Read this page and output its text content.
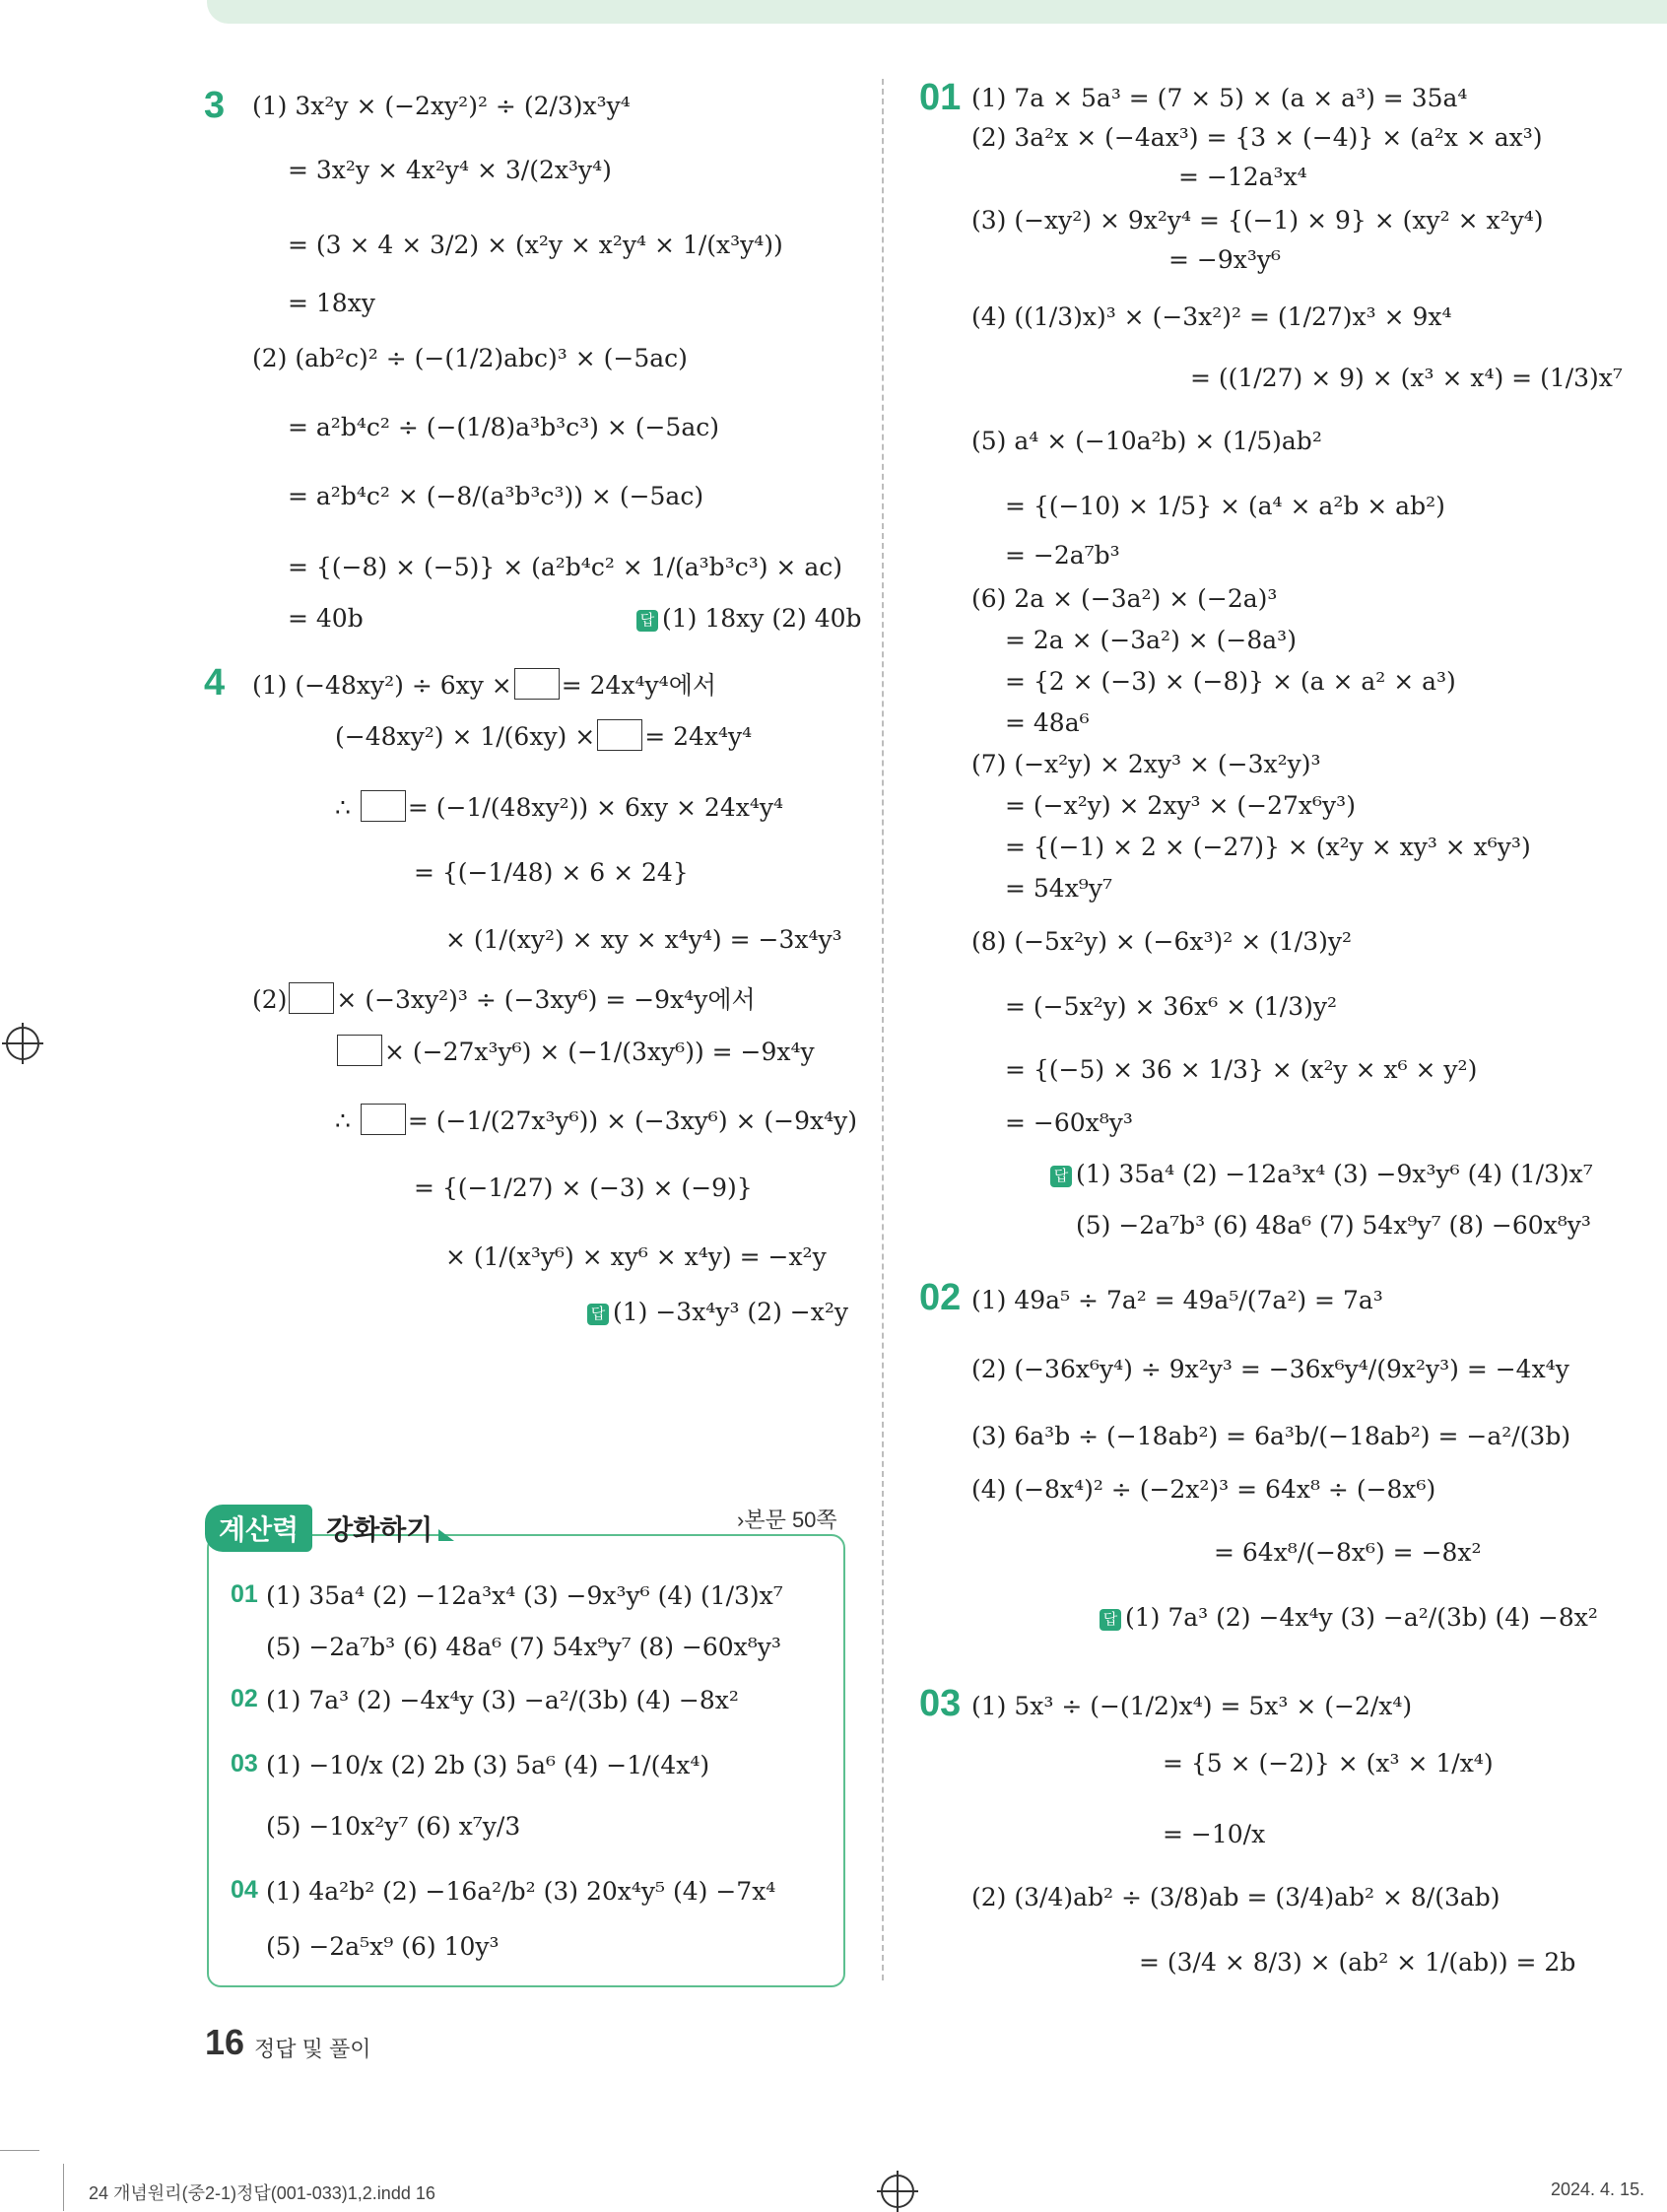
3 (1) 3x²y × (−2xy²)² ÷ (2/3)x³y⁴
= 3x²y × 4x²y⁴ × 3/(2x³y⁴)
= (3 × 4 × 3/2) × (x²y × x²y⁴ × 1/(x³y⁴))
= 18xy
(2) (ab²c)² ÷ (−(1/2)abc)³ × (−5ac)
= a²b⁴c² ÷ (−(1/8)a³b³c³) × (−5ac)
= a²b⁴c² × (−8/(a³b³c³)) × (−5ac)
= {(−8) × (−5)} × (a²b⁴c² × 1/(a³b³c³) × ac)
= 40b	답 (1) 18xy (2) 40b
4 (1) (−48xy²) ÷ 6xy × = 24x⁴y⁴에서
(−48xy²) × 1/(6xy) × = 24x⁴y⁴
∴ = (−1/(48xy²)) × 6xy × 24x⁴y⁴
= {(−1/48) × 6 × 24}
× (1/(xy²) × xy × x⁴y⁴) = −3x⁴y³
(2) × (−3xy²)³ ÷ (−3xy⁶) = −9x⁴y에서
× (−27x³y⁶) × (−1/(3xy⁶)) = −9x⁴y
∴ = (−1/(27x³y⁶)) × (−3xy⁶) × (−9x⁴y)
= {(−1/27) × (−3) × (−9)}
× (1/(x³y⁶) × xy⁶ × x⁴y) = −x²y
답 (1) −3x⁴y³ (2) −x²y
계산력	강화하기	›본문 50쪽
01 (1) 35a⁴ (2) −12a³x⁴ (3) −9x³y⁶ (4) (1/3)x⁷
(5) −2a⁷b³ (6) 48a⁶ (7) 54x⁹y⁷ (8) −60x⁸y³
02 (1) 7a³ (2) −4x⁴y (3) −a²/(3b) (4) −8x²
03 (1) −10/x (2) 2b (3) 5a⁶ (4) −1/(4x⁴)
(5) −10x²y⁷ (6) x⁷y/3
04 (1) 4a²b² (2) −16a²/b² (3) 20x⁴y⁵ (4) −7x⁴
(5) −2a⁵x⁹ (6) 10y³
01 (1) 7a × 5a³ = (7 × 5) × (a × a³) = 35a⁴
(2) 3a²x × (−4ax³) = {3 × (−4)} × (a²x × ax³)
= −12a³x⁴
(3) (−xy²) × 9x²y⁴ = {(−1) × 9} × (xy² × x²y⁴)
= −9x³y⁶
(4) ((1/3)x)³ × (−3x²)² = (1/27)x³ × 9x⁴
= ((1/27) × 9) × (x³ × x⁴) = (1/3)x⁷
(5) a⁴ × (−10a²b) × (1/5)ab²
= {(−10) × 1/5} × (a⁴ × a²b × ab²)
= −2a⁷b³
(6) 2a × (−3a²) × (−2a)³
= 2a × (−3a²) × (−8a³)
= {2 × (−3) × (−8)} × (a × a² × a³)
= 48a⁶
(7) (−x²y) × 2xy³ × (−3x²y)³
= (−x²y) × 2xy³ × (−27x⁶y³)
= {(−1) × 2 × (−27)} × (x²y × xy³ × x⁶y³)
= 54x⁹y⁷
(8) (−5x²y) × (−6x³)² × (1/3)y²
= (−5x²y) × 36x⁶ × (1/3)y²
= {(−5) × 36 × 1/3} × (x²y × x⁶ × y²)
= −60x⁸y³
답 (1) 35a⁴ (2) −12a³x⁴ (3) −9x³y⁶ (4) (1/3)x⁷
(5) −2a⁷b³ (6) 48a⁶ (7) 54x⁹y⁷ (8) −60x⁸y³
02 (1) 49a⁵ ÷ 7a² = 49a⁵/(7a²) = 7a³
(2) (−36x⁶y⁴) ÷ 9x²y³ = −36x⁶y⁴/(9x²y³) = −4x⁴y
(3) 6a³b ÷ (−18ab²) = 6a³b/(−18ab²) = −a²/(3b)
(4) (−8x⁴)² ÷ (−2x²)³ = 64x⁸ ÷ (−8x⁶)
= 64x⁸/(−8x⁶) = −8x²
답 (1) 7a³ (2) −4x⁴y (3) −a²/(3b) (4) −8x²
03 (1) 5x³ ÷ (−(1/2)x⁴) = 5x³ × (−2/x⁴)
= {5 × (−2)} × (x³ × 1/x⁴)
= −10/x
(2) (3/4)ab² ÷ (3/8)ab = (3/4)ab² × 8/(3ab)
= (3/4 × 8/3) × (ab² × 1/(ab)) = 2b
16 정답 및 풀이
24 개념원리(중2-1)정답(001-033)1,2.indd 16	2024. 4. 15.
